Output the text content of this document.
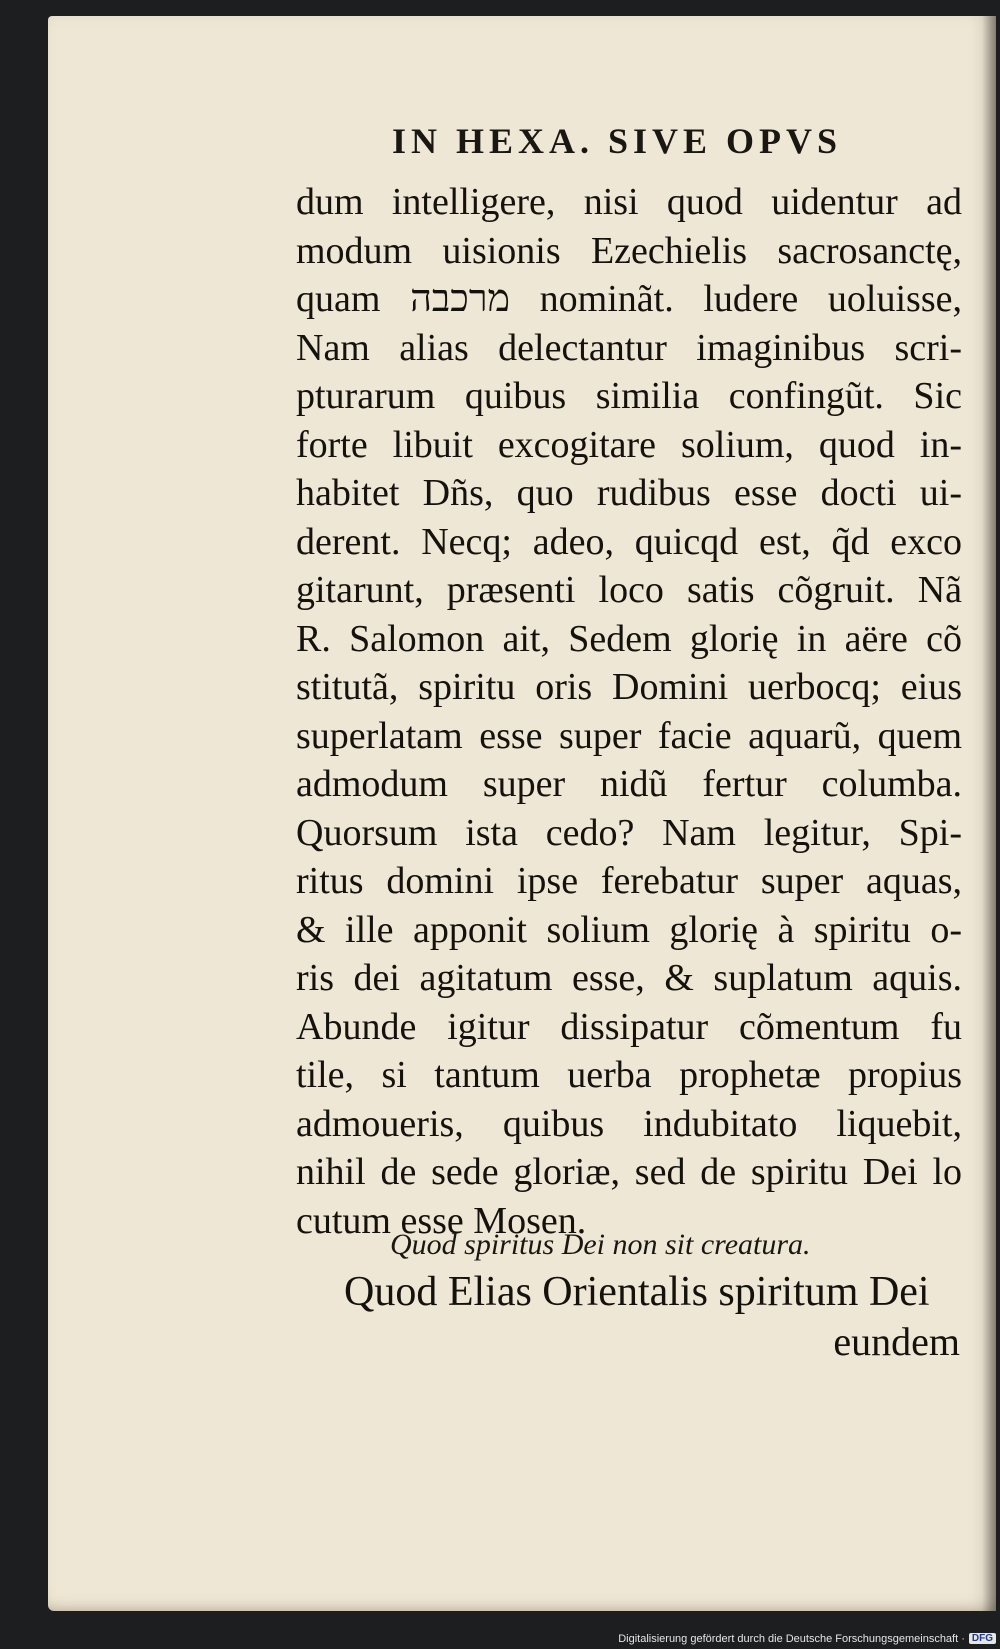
IN HEXA. SIVE OPVS
dum intelligere, nisi quod uidentur ad
modum uisionis Ezechielis sacrosanctę,
quam מרכבה nominãt. ludere uoluisse,
Nam alias delectantur imaginibus scri-
pturarum quibus similia confingũt. Sic
forte libuit excogitare solium, quod in-
habitet Dñs, quo rudibus esse docti ui-
derent. Necq; adeo, quicqd est, q̃d exco
gitarunt, præsenti loco satis cõgruit. Nã
R. Salomon ait, Sedem glorię in aëre cõ
stitutã, spiritu oris Domini uerbocq; eius
superlatam esse super facie aquarũ, quem
admodum super nidũ fertur columba.
Quorsum ista cedo? Nam legitur, Spi-
ritus domini ipse ferebatur super aquas,
& ille apponit solium glorię à spiritu o-
ris dei agitatum esse, & suplatum aquis.
Abunde igitur dissipatur cõmentum fu
tile, si tantum uerba prophetæ propius
admoueris, quibus indubitato liquebit,
nihil de sede gloriæ, sed de spiritu Dei lo
cutum esse Mosen.
Quod spiritus Dei non sit creatura.
Quod Elias Orientalis spiritum Dei
eundem
Digitalisierung gefördert durch die Deutsche Forschungsgemeinschaft · DFG
